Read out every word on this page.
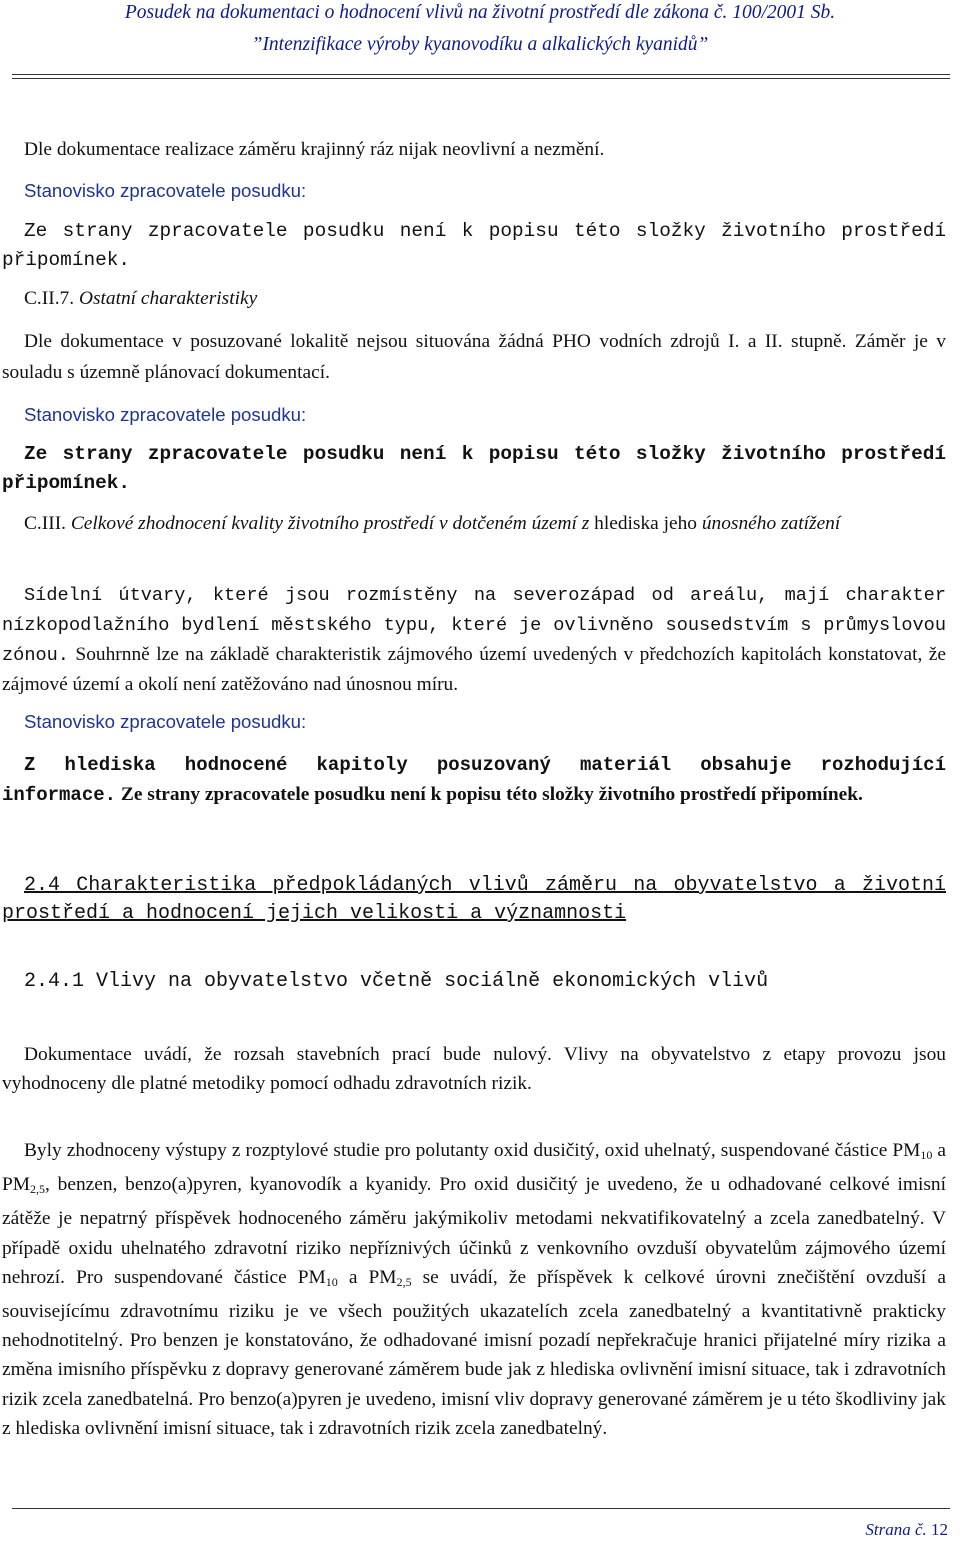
Posudek na dokumentaci o hodnocení vlivů na životní prostředí dle zákona č. 100/2001 Sb.
”Intenzifikace výroby kyanovodíku a alkalických kyanidů”

Dle dokumentace realizace záměru krajinný ráz nijak neovlivní a nezmění.

Stanovisko zpracovatele posudku:

Ze strany zpracovatele posudku není k popisu této složky životního prostředí připomínek.

C.II.7. Ostatní charakteristiky

Dle dokumentace v posuzované lokalitě nejsou situována žádná PHO vodních zdrojů I. a II. stupně. Záměr je v souladu s územně plánovací dokumentací.

Stanovisko zpracovatele posudku:

Ze strany zpracovatele posudku není k popisu této složky životního prostředí připomínek.

C.III. Celkové zhodnocení kvality životního prostředí v dotčeném území z hlediska jeho únosného zatížení

Sídelní útvary, které jsou rozmístěny na severozápad od areálu, mají charakter nízkopodlažního bydlení městského typu, které je ovlivněno sousedstvím s průmyslovou zónou. Souhrnně lze na základě charakteristik zájmového území uvedených v předchozích kapitolách konstatovat, že zájmové území a okolí není zatěžováno nad únosnou míru.

Stanovisko zpracovatele posudku:

Z hlediska hodnocené kapitoly posuzovaný materiál obsahuje rozhodující informace. Ze strany zpracovatele posudku není k popisu této složky životního prostředí připomínek.

2.4 Charakteristika předpokládaných vlivů záměru na obyvatelstvo a životní prostředí a hodnocení jejich velikosti a významnosti

2.4.1 Vlivy na obyvatelstvo včetně sociálně ekonomických vlivů

Dokumentace uvádí, že rozsah stavebních prací bude nulový. Vlivy na obyvatelstvo z etapy provozu jsou vyhodnoceny dle platné metodiky pomocí odhadu zdravotních rizik.

Byly zhodnoceny výstupy z rozptylové studie pro polutanty oxid dusičitý, oxid uhelnatý, suspendované částice $PM_{10}$ a $PM_{2,5}$, benzen, benzo(a)pyren, kyanovodík a kyanidy. Pro oxid dusičitý je uvedeno, že u odhadované celkové imisní zátěže je nepatrný příspěvek hodnoceného záměru jakýmikoliv metodami nekvatifikovatelný a zcela zanedbatelný. V případě oxidu uhelnatého zdravotní riziko nepříznivých účinků z venkovního ovzduší obyvatelům zájmového území nehrozí. Pro suspendované částice $PM_{10}$ a $PM_{2,5}$ se uvádí, že příspěvek k celkové úrovni znečištění ovzduší a souvisejícímu zdravotnímu riziku je ve všech použitých ukazatelích zcela zanedbatelný a kvantitativně prakticky nehodnotitelný. Pro benzen je konstatováno, že odhadované imisní pozadí nepřekračuje hranici přijatelné míry rizika a změna imisního příspěvku z dopravy generované záměrem bude jak z hlediska ovlivnění imisní situace, tak i zdravotních rizik zcela zanedbatelná. Pro benzo(a)pyren je uvedeno, imisní vliv dopravy generované záměrem je u této škodliviny jak z hlediska ovlivnění imisní situace, tak i zdravotních rizik zcela zanedbatelný.

Strana č. 12
